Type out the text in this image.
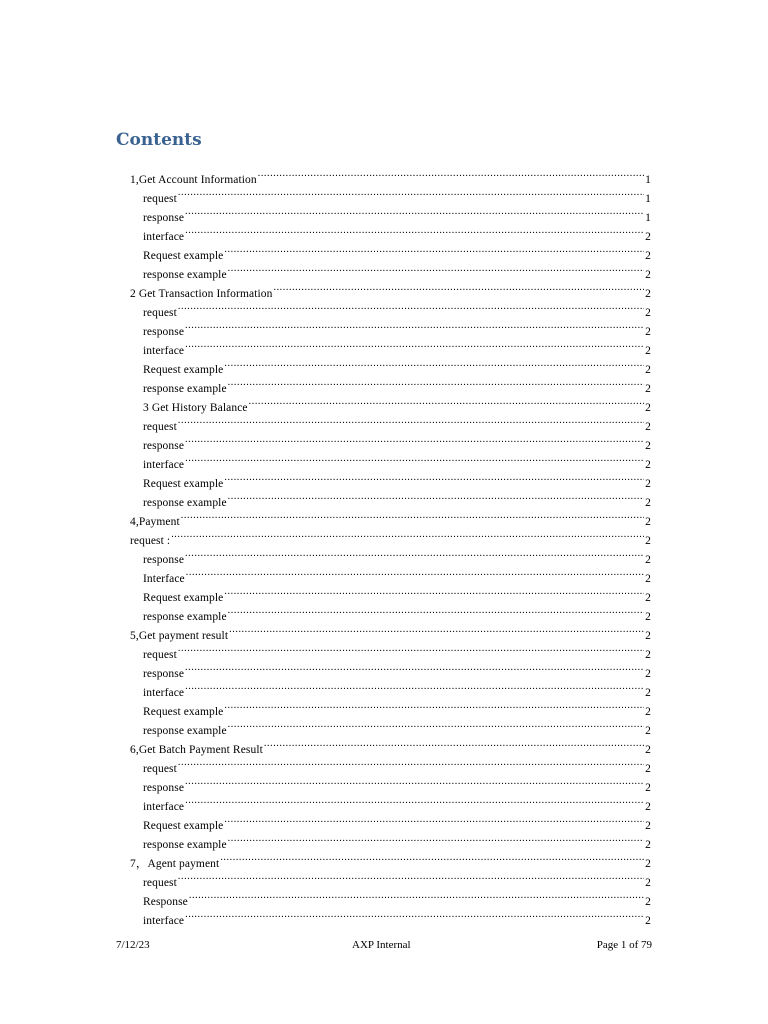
Contents
1,Get Account Information .....	1
request .....	1
response .....	1
interface .....	2
Request example .....	2
response example .....	2
2 Get Transaction Information .....	2
request .....	2
response .....	2
interface .....	2
Request example .....	2
response example .....	2
3 Get History Balance .....	2
request .....	2
response .....	2
interface .....	2
Request example .....	2
response example .....	2
4,Payment .....	2
request : .....	2
response .....	2
Interface .....	2
Request example .....	2
response example .....	2
5,Get payment result .....	2
request .....	2
response .....	2
interface .....	2
Request example .....	2
response example .....	2
6,Get Batch Payment Result .....	2
request .....	2
response .....	2
interface .....	2
Request example .....	2
response example .....	2
7，Agent payment .....	2
request .....	2
Response .....	2
interface .....	2
7/12/23	AXP Internal	Page 1 of 79
